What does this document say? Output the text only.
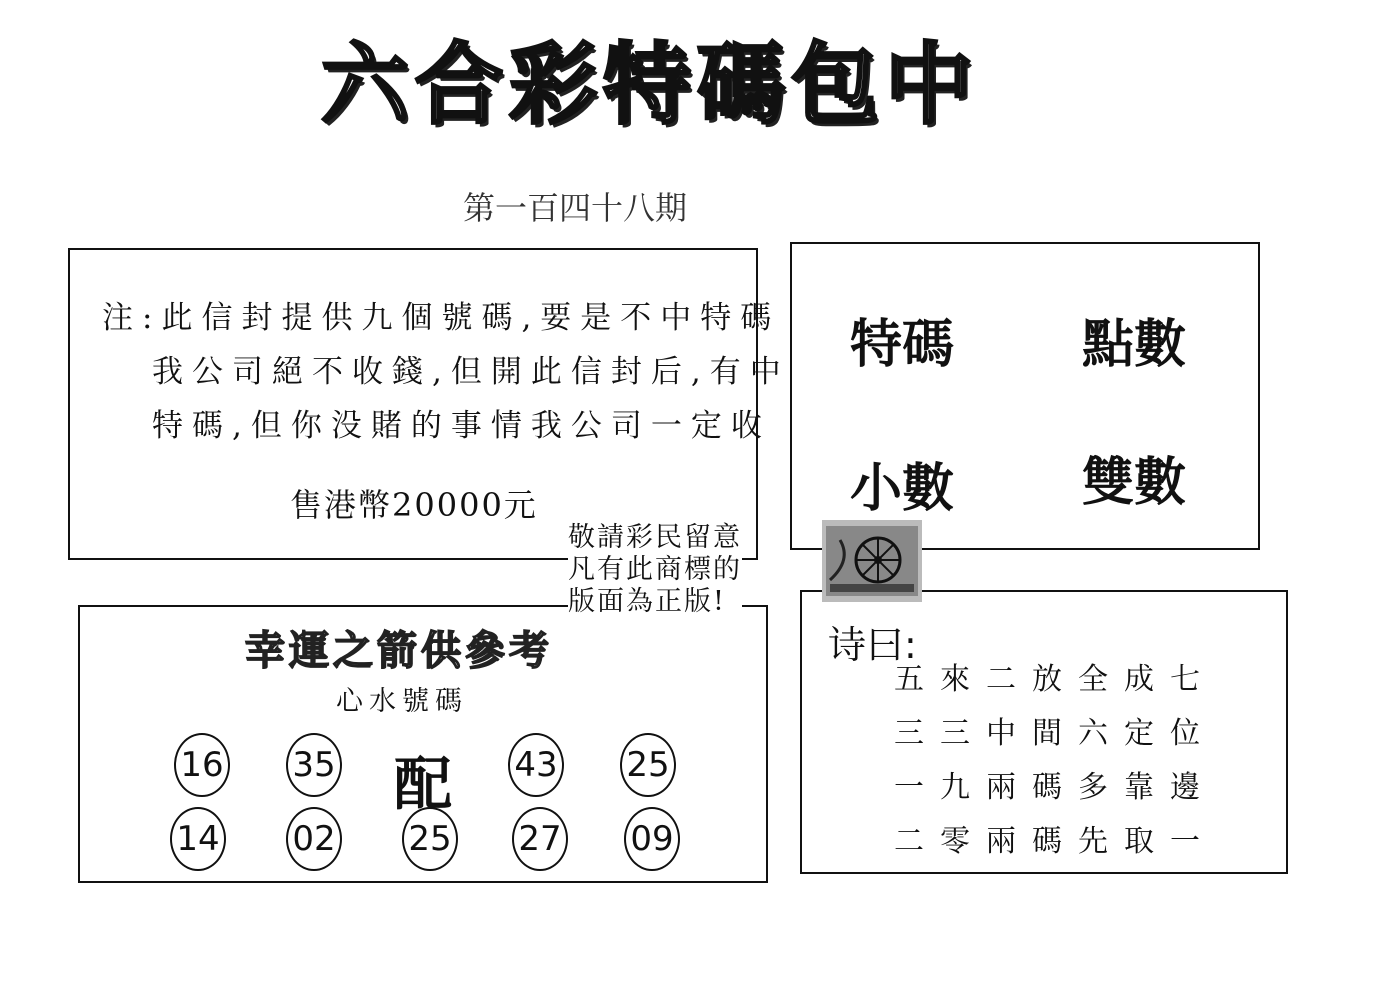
六合彩特碼包中
第一百四十八期
注:此信封提供九個號碼,要是不中特碼
我公司絕不收錢,但開此信封后,有中
特碼,但你没賭的事情我公司一定收
售港幣20000元
特碼 點數
小數 雙數
敬請彩民留意
凡有此商標的
版面為正版!
幸運之箭供參考
心水號碼
16 35 配 43 25
14 02 25 27 09
诗曰:
五來二放全成七
三三中間六定位
一九兩碼多靠邊
二零兩碼先取一
